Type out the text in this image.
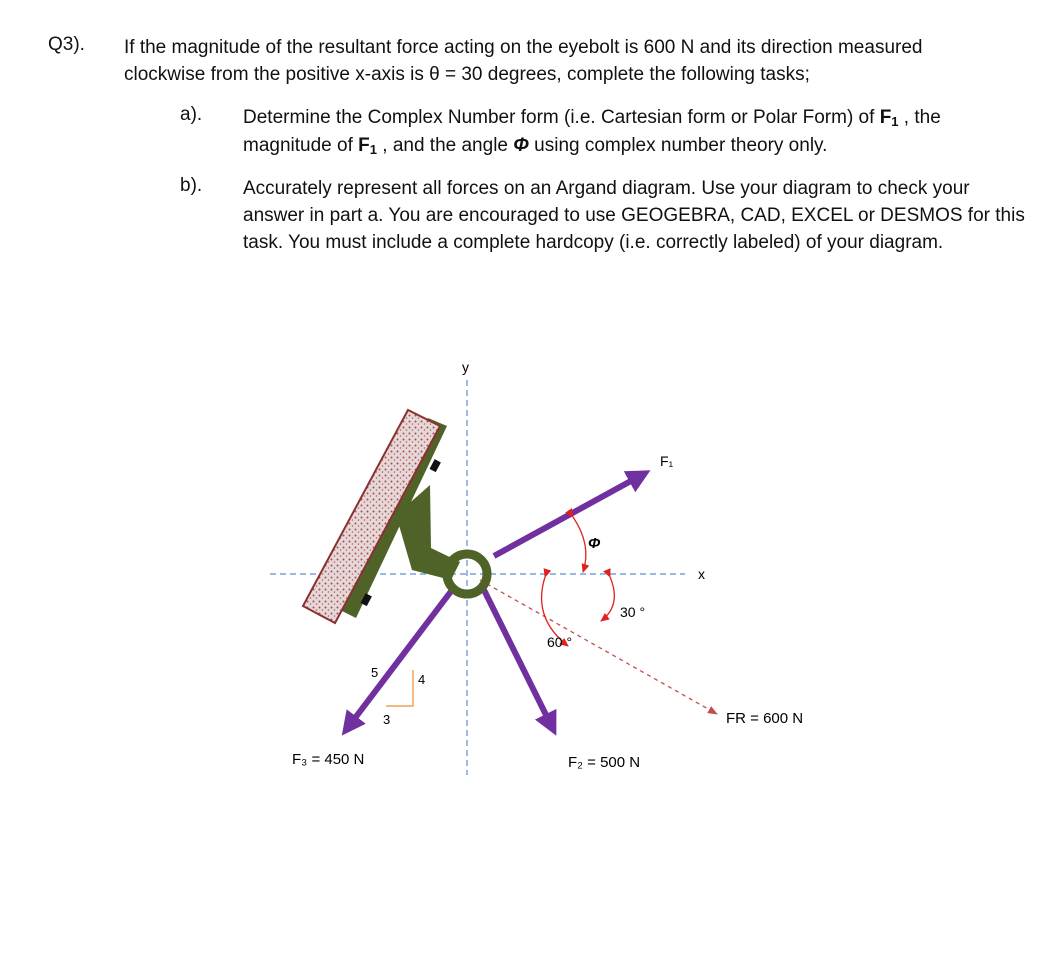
Q3). If the magnitude of the resultant force acting on the eyebolt is 600 N and its direction measured
clockwise from the positive x-axis is θ = 30 degrees, complete the following tasks;
a). Determine the Complex Number form (i.e. Cartesian form or Polar Form) of F1 , the
magnitude of F1 , and the angle Φ using complex number theory only.
b). Accurately represent all forces on an Argand diagram. Use your diagram to check your answer in part a. You are encouraged to use GEOGEBRA, CAD, EXCEL or DESMOS for this task. You must include a complete hardcopy (i.e. correctly labeled) of your diagram.
y
x
5	4
3
Φ
30 °
60 °
F₁
FR = 600 N
F₂ = 500 N
F₃ = 450 N
